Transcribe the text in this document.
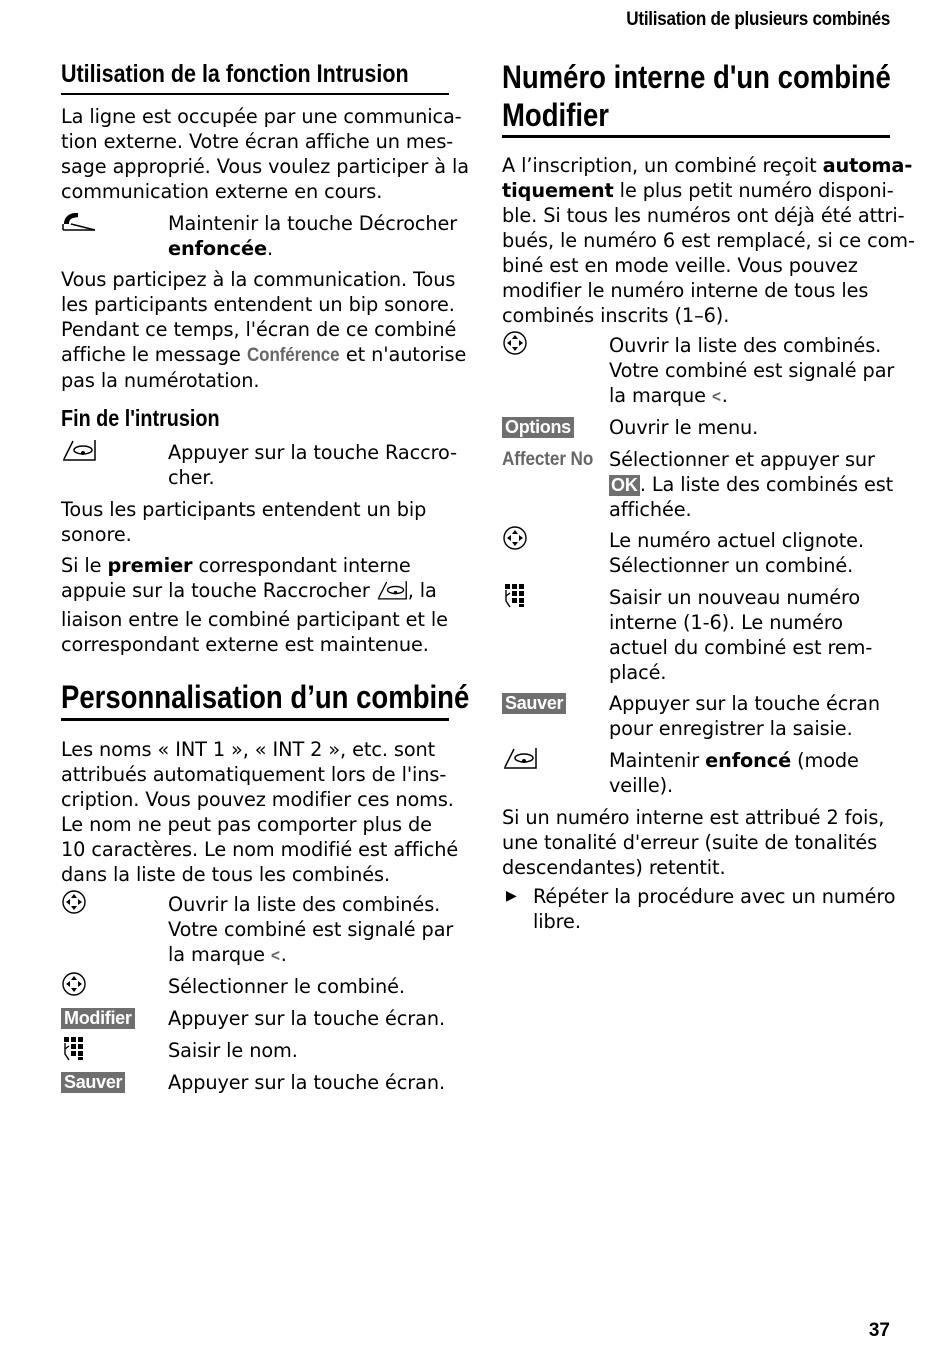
Utilisation de plusieurs combinés
Utilisation de la fonction Intrusion
La ligne est occupée par une communica-
tion externe. Votre écran affiche un mes-
sage approprié. Vous voulez participer à la
communication externe en cours.
Maintenir la touche Décrocher
enfoncée.
Vous participez à la communication. Tous
les participants entendent un bip sonore.
Pendant ce temps, l'écran de ce combiné
affiche le message Conférence et n'autorise
pas la numérotation.
Fin de l'intrusion
Appuyer sur la touche Raccro-
cher.
Tous les participants entendent un bip
sonore.
Si le premier correspondant interne
appuie sur la touche Raccrocher , la
liaison entre le combiné participant et le
correspondant externe est maintenue.
Personnalisation d’un combiné
Les noms « INT 1 », « INT 2 », etc. sont
attribués automatiquement lors de l'ins-
cription. Vous pouvez modifier ces noms.
Le nom ne peut pas comporter plus de
10 caractères. Le nom modifié est affiché
dans la liste de tous les combinés.
Ouvrir la liste des combinés.
Votre combiné est signalé par
la marque <.
Sélectionner le combiné.
Modifier Appuyer sur la touche écran.
Saisir le nom.
Sauver Appuyer sur la touche écran.
Numéro interne d'un combiné
Modifier
A l’inscription, un combiné reçoit automa-
tiquement le plus petit numéro disponi-
ble. Si tous les numéros ont déjà été attri-
bués, le numéro 6 est remplacé, si ce com-
biné est en mode veille. Vous pouvez
modifier le numéro interne de tous les
combinés inscrits (1–6).
Ouvrir la liste des combinés.
Votre combiné est signalé par
la marque <.
Options Ouvrir le menu.
Affecter No Sélectionner et appuyer sur
OK . La liste des combinés est
affichée.
Le numéro actuel clignote.
Sélectionner un combiné.
Saisir un nouveau numéro
interne (1-6). Le numéro
actuel du combiné est rem-
placé.
Sauver Appuyer sur la touche écran
pour enregistrer la saisie.
Maintenir enfoncé (mode
veille).
Si un numéro interne est attribué 2 fois,
une tonalité d'erreur (suite de tonalités
descendantes) retentit.
▶ Répéter la procédure avec un numéro
libre.
37
